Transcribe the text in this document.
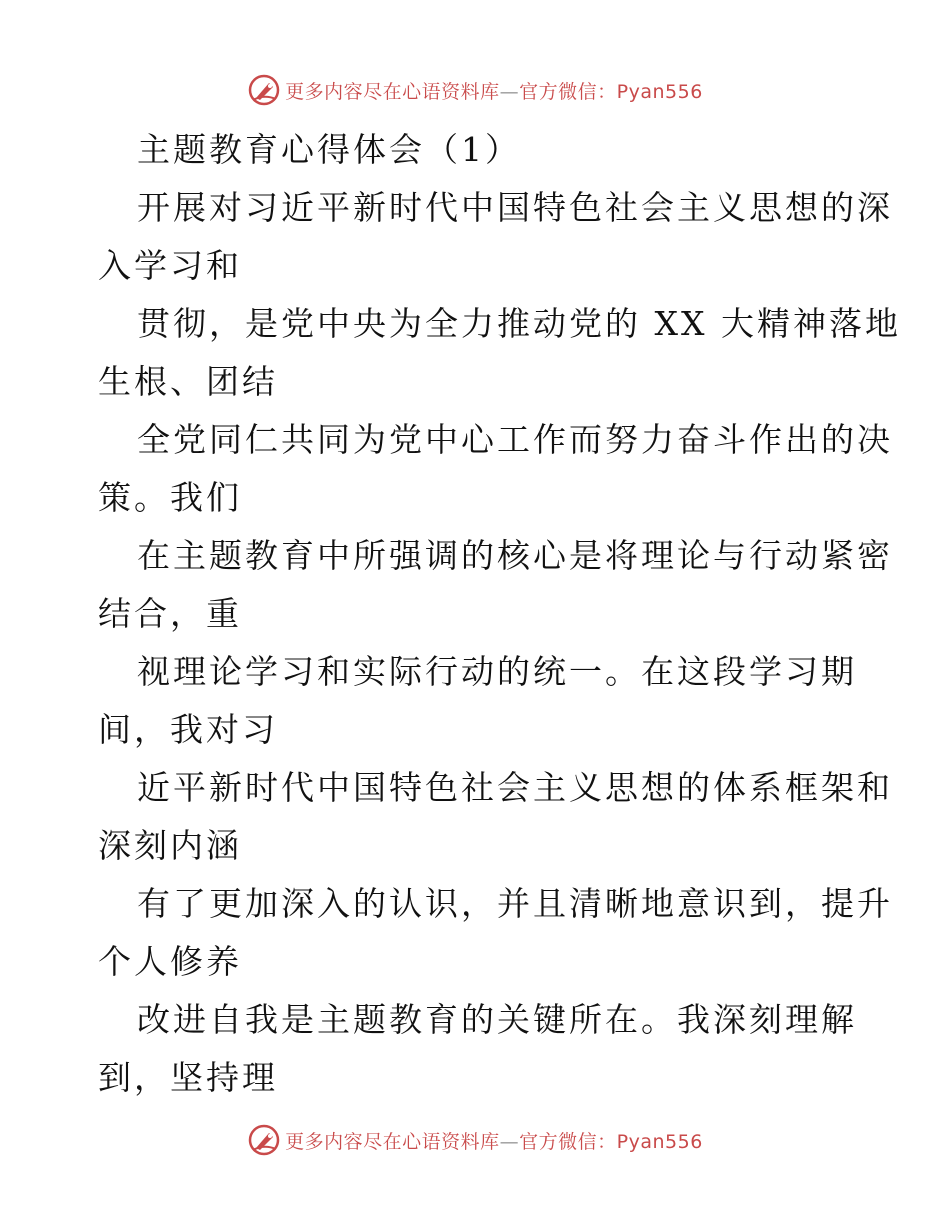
更多内容尽在心语资料库—官方微信：Pyan556
主题教育心得体会（1）
开展对习近平新时代中国特色社会主义思想的深
入学习和
贯彻，是党中央为全力推动党的 XX 大精神落地
生根、团结
全党同仁共同为党中心工作而努力奋斗作出的决
策。我们
在主题教育中所强调的核心是将理论与行动紧密
结合，重
视理论学习和实际行动的统一。在这段学习期
间，我对习
近平新时代中国特色社会主义思想的体系框架和
深刻内涵
有了更加深入的认识，并且清晰地意识到，提升
个人修养
改进自我是主题教育的关键所在。我深刻理解
到，坚持理
更多内容尽在心语资料库—官方微信：Pyan556
